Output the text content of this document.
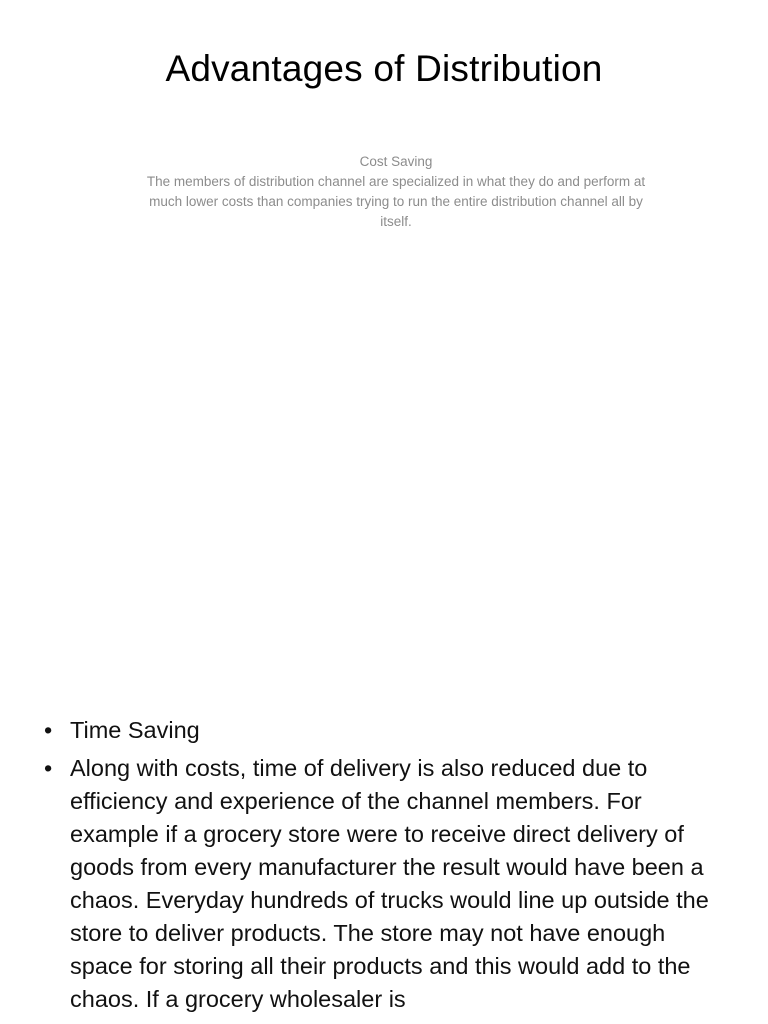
Advantages of Distribution
Cost Saving
The members of distribution channel are specialized in what they do and perform at much lower costs than companies trying to run the entire distribution channel all by itself.
• Time Saving
• Along with costs, time of delivery is also reduced due to efficiency and experience of the channel members. For example if a grocery store were to receive direct delivery of goods from every manufacturer the result would have been a chaos. Everyday hundreds of trucks would line up outside the store to deliver products. The store may not have enough space for storing all their products and this would add to the chaos. If a grocery wholesaler is
